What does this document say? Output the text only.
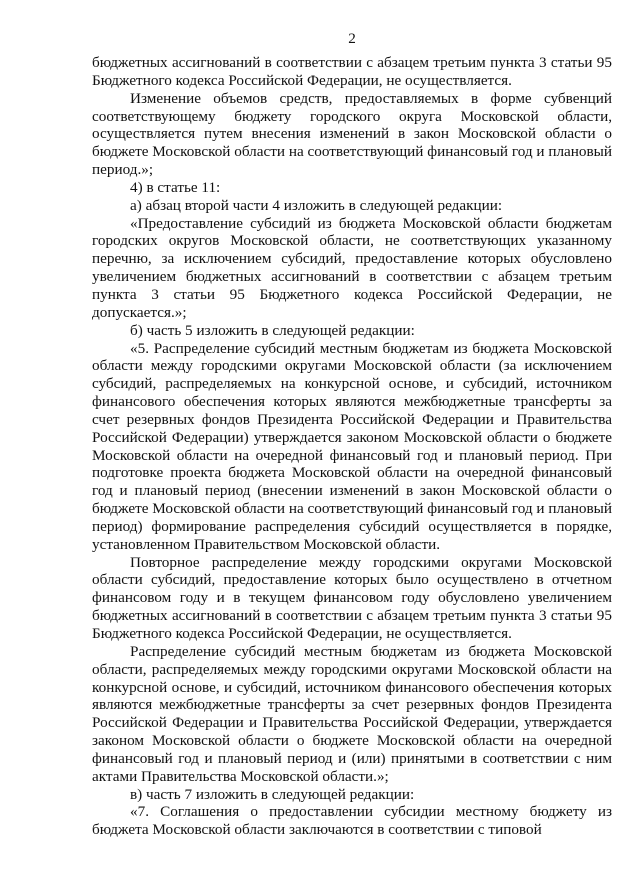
2

бюджетных ассигнований в соответствии с абзацем третьим пункта 3 статьи 95 Бюджетного кодекса Российской Федерации, не осуществляется.

Изменение объемов средств, предоставляемых в форме субвенций соответствующему бюджету городского округа Московской области, осуществляется путем внесения изменений в закон Московской области о бюджете Московской области на соответствующий финансовый год и плановый период.»;

4) в статье 11:

а) абзац второй части 4 изложить в следующей редакции:

«Предоставление субсидий из бюджета Московской области бюджетам городских округов Московской области, не соответствующих указанному перечню, за исключением субсидий, предоставление которых обусловлено увеличением бюджетных ассигнований в соответствии с абзацем третьим пункта 3 статьи 95 Бюджетного кодекса Российской Федерации, не допускается.»;

б) часть 5 изложить в следующей редакции:

«5. Распределение субсидий местным бюджетам из бюджета Московской области между городскими округами Московской области (за исключением субсидий, распределяемых на конкурсной основе, и субсидий, источником финансового обеспечения которых являются межбюджетные трансферты за счет резервных фондов Президента Российской Федерации и Правительства Российской Федерации) утверждается законом Московской области о бюджете Московской области на очередной финансовый год и плановый период. При подготовке проекта бюджета Московской области на очередной финансовый год и плановый период (внесении изменений в закон Московской области о бюджете Московской области на соответствующий финансовый год и плановый период) формирование распределения субсидий осуществляется в порядке, установленном Правительством Московской области.

Повторное распределение между городскими округами Московской области субсидий, предоставление которых было осуществлено в отчетном финансовом году и в текущем финансовом году обусловлено увеличением бюджетных ассигнований в соответствии с абзацем третьим пункта 3 статьи 95 Бюджетного кодекса Российской Федерации, не осуществляется.

Распределение субсидий местным бюджетам из бюджета Московской области, распределяемых между городскими округами Московской области на конкурсной основе, и субсидий, источником финансового обеспечения которых являются межбюджетные трансферты за счет резервных фондов Президента Российской Федерации и Правительства Российской Федерации, утверждается законом Московской области о бюджете Московской области на очередной финансовый год и плановый период и (или) принятыми в соответствии с ним актами Правительства Московской области.»;

в) часть 7 изложить в следующей редакции:

«7. Соглашения о предоставлении субсидии местному бюджету из бюджета Московской области заключаются в соответствии с типовой
